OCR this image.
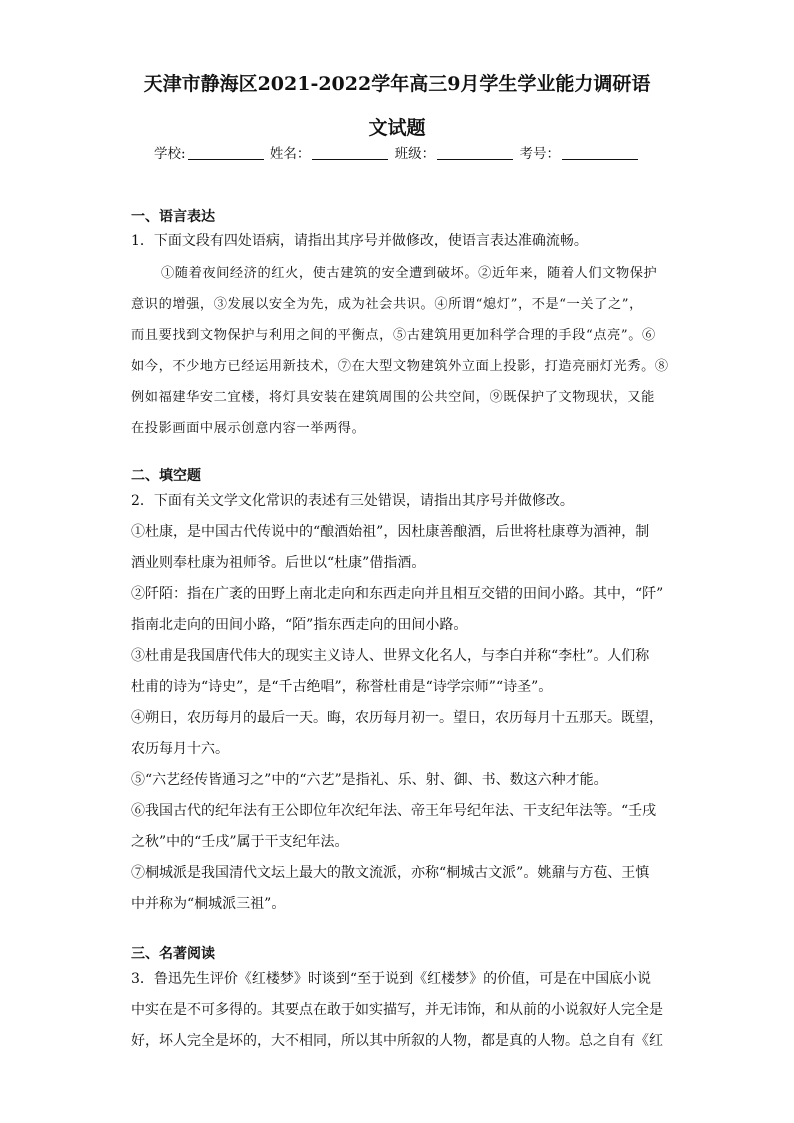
天津市静海区2021-2022学年高三9月学生学业能力调研语
文试题
学校:	姓名：	班级：	考号：
一、语言表达
1．下面文段有四处语病，请指出其序号并做修改，使语言表达准确流畅。
①随着夜间经济的红火，使古建筑的安全遭到破坏。②近年来，随着人们文物保护
意识的增强，③发展以安全为先，成为社会共识。④所谓“熄灯”，不是“一关了之”，
而且要找到文物保护与利用之间的平衡点，⑤古建筑用更加科学合理的手段“点亮”。⑥
如今，不少地方已经运用新技术，⑦在大型文物建筑外立面上投影，打造亮丽灯光秀。⑧
例如福建华安二宜楼，将灯具安装在建筑周围的公共空间，⑨既保护了文物现状，又能
在投影画面中展示创意内容一举两得。
二、填空题
2．下面有关文学文化常识的表述有三处错误，请指出其序号并做修改。
①杜康，是中国古代传说中的“酿酒始祖”，因杜康善酿酒，后世将杜康尊为酒神，制
酒业则奉杜康为祖师爷。后世以“杜康”借指酒。
②阡陌：指在广袤的田野上南北走向和东西走向并且相互交错的田间小路。其中，“阡”
指南北走向的田间小路，“陌”指东西走向的田间小路。
③杜甫是我国唐代伟大的现实主义诗人、世界文化名人，与李白并称“李杜”。人们称
杜甫的诗为“诗史”，是“千古绝唱”，称誉杜甫是“诗学宗师”“诗圣”。
④朔日，农历每月的最后一天。晦，农历每月初一。望日，农历每月十五那天。既望，
农历每月十六。
⑤“六艺经传皆通习之”中的“六艺”是指礼、乐、射、御、书、数这六种才能。
⑥我国古代的纪年法有王公即位年次纪年法、帝王年号纪年法、干支纪年法等。“壬戌
之秋”中的“壬戌”属于干支纪年法。
⑦桐城派是我国清代文坛上最大的散文流派，亦称“桐城古文派”。姚鼐与方苞、王慎
中并称为“桐城派三祖”。
三、名著阅读
3．鲁迅先生评价《红楼梦》时谈到“至于说到《红楼梦》的价值，可是在中国底小说
中实在是不可多得的。其要点在敢于如实描写，并无讳饰，和从前的小说叙好人完全是
好，坏人完全是坏的，大不相同，所以其中所叙的人物，都是真的人物。总之自有《红
